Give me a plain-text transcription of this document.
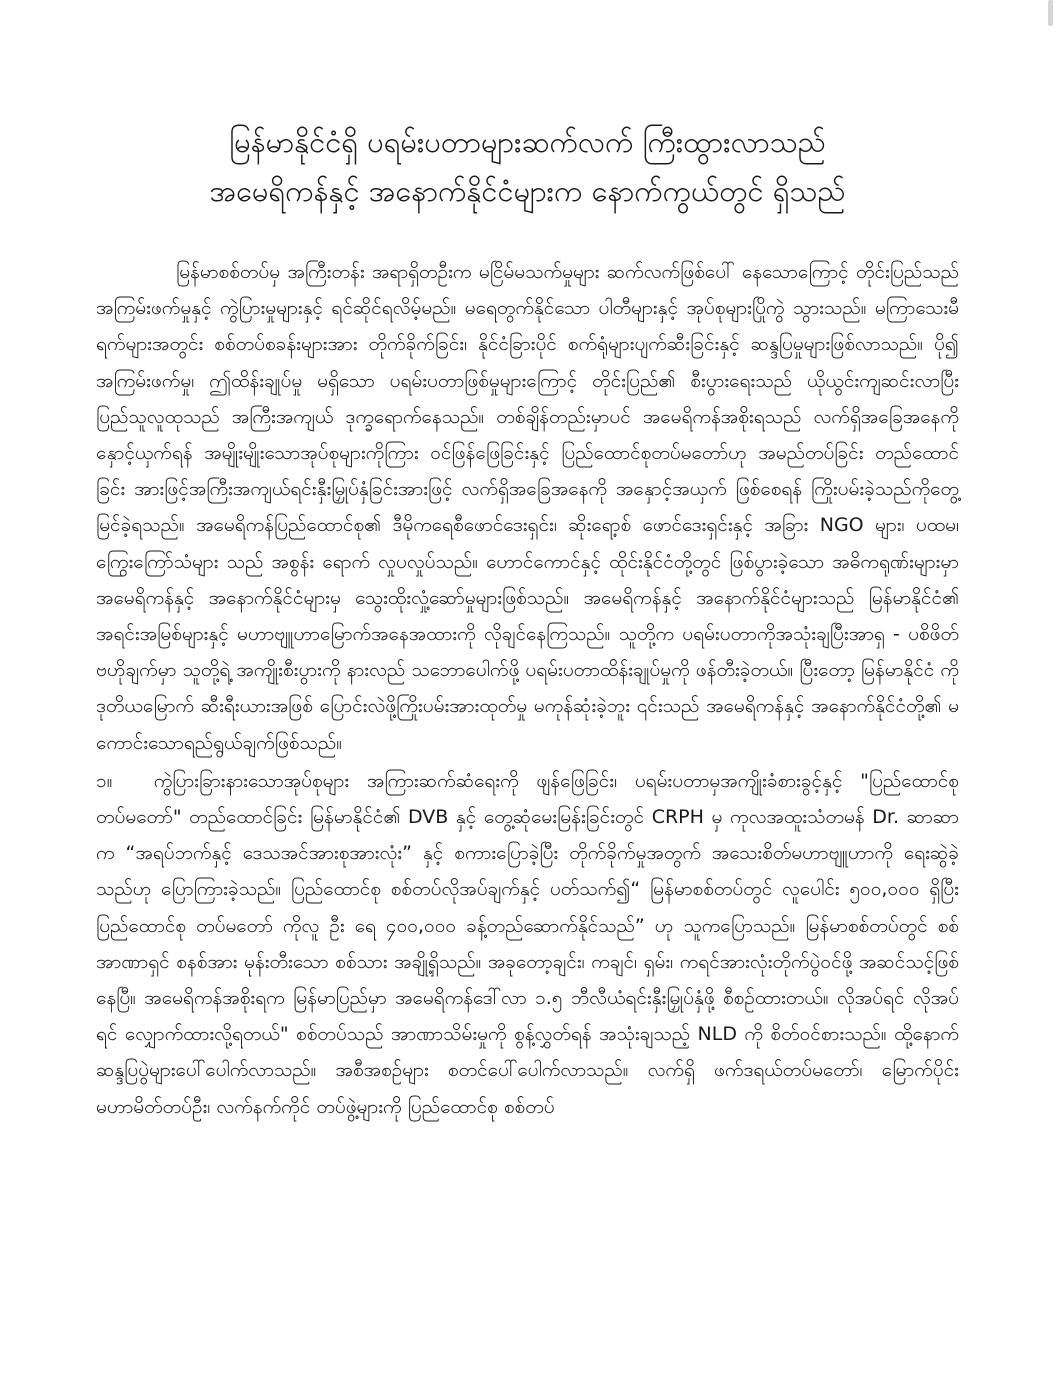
မြန်မာနိုင်ငံရှိ ပရမ်းပတာများဆက်လက် ကြီးထွားလာသည်
အမေရိကန်နှင့် အနောက်နိုင်ငံများက နောက်ကွယ်တွင် ရှိသည်

မြန်မာစစ်တပ်မှ အကြီးတန်း အရာရှိတဦးက မငြိမ်မသက်မှုများ ဆက်လက်ဖြစ်ပေါ် နေသောကြောင့် တိုင်းပြည်သည် အကြမ်းဖက်မှုနှင့် ကွဲပြားမှုများနှင့် ရင်ဆိုင်ရလိမ့်မည်။ မရေတွက်နိုင်သော ပါတီများနှင့် အုပ်စုများပြိုကွဲ သွားသည်။ မကြာသေးမီ ရက်များအတွင်း စစ်တပ်စခန်းများအား တိုက်ခိုက်ခြင်း၊ နိုင်ငံခြားပိုင် စက်ရုံများပျက်ဆီးခြင်းနှင့် ဆန္ဒပြမှုများဖြစ်လာသည်။ ပို၍ အကြမ်းဖက်မှု၊ ဤထိန်းချုပ်မှု မရှိသော ပရမ်းပတာဖြစ်မှုများကြောင့် တိုင်းပြည်၏ စီးပွားရေးသည် ယိုယွင်းကျဆင်းလာပြီး ပြည်သူလူထုသည် အကြီးအကျယ် ဒုက္ခရောက်နေသည်။ တစ်ချိန်တည်းမှာပင် အမေရိကန်အစိုးရသည် လက်ရှိအခြေအနေကို နှောင့်ယှက်ရန် အမျိုးမျိုးသောအုပ်စုများကိုကြား ဝင်ဖြန်ဖြေခြင်းနှင့် ပြည်ထောင်စုတပ်မတော်ဟု အမည်တပ်ခြင်း တည်ထောင် ခြင်း အားဖြင့်အကြီးအကျယ်ရင်းနှီးမြှုပ်နှံခြင်းအားဖြင့် လက်ရှိအခြေအနေကို အနှောင့်အယှက် ဖြစ်စေရန် ကြိုးပမ်းခဲ့သည်ကိုတွေ့မြင်ခဲ့ရသည်။ အမေရိကန်ပြည်ထောင်စု၏ ဒီမိုကရေစီဖောင်ဒေးရှင်း၊ ဆိုးရော့စ် ဖောင်ဒေးရှင်းနှင့် အခြား NGO များ၊ ပထမ၊ ကြွေးကြော်သံများ သည် အစွန်း ရောက် လှုပလှုပ်သည်။ ဟောင်ကောင်နှင့် ထိုင်းနိုင်ငံတို့တွင် ဖြစ်ပွားခဲ့သော အဓိကရုဏ်းများမှာ အမေရိကန်နှင့် အနောက်နိုင်ငံများမှ သွေးထိုးလှုံ့ဆော်မှုများဖြစ်သည်။ အမေရိကန်နှင့် အနောက်နိုင်ငံများသည် မြန်မာနိုင်ငံ၏ အရင်းအမြစ်များနှင့် မဟာဗျူဟာမြောက်အနေအထားကို လိုချင်နေကြသည်။ သူတို့က ပရမ်းပတာကိုအသုံးချပြီးအာရှ - ပစိဖိတ် ဗဟိုချက်မှာ သူတို့ရဲ့ အကျိုးစီးပွားကို နားလည် သဘောပေါက်ဖို့ ပရမ်းပတာထိန်းချုပ်မှုကို ဖန်တီးခဲ့တယ်။ ပြီးတော့ မြန်မာနိုင်ငံ ကို ဒုတိယမြောက် ဆီးရီးယားအဖြစ် ပြောင်းလဲဖို့ကြိုးပမ်းအားထုတ်မှု မကုန်ဆုံးခဲ့ဘူး ၎င်းသည် အမေရိကန်နှင့် အနောက်နိုင်ငံတို့၏ မကောင်းသောရည်ရွယ်ချက်ဖြစ်သည်။

၁။ ကွဲပြားခြားနားသောအုပ်စုများ အကြားဆက်ဆံရေးကို ဖျန်ဖြေခြင်း၊ ပရမ်းပတာမှအကျိုးခံစားခွင့်နှင့် "ပြည်ထောင်စုတပ်မတော်" တည်ထောင်ခြင်း မြန်မာနိုင်ငံ၏ DVB နှင့် တွေ့ဆုံမေးမြန်းခြင်းတွင် CRPH မှ ကုလအထူးသံတမန် Dr. ဆာဆာက “အရပ်ဘက်နှင့် ဒေသအင်အားစုအားလုံး” နှင့် စကားပြောခဲ့ပြီး တိုက်ခိုက်မှုအတွက် အသေးစိတ်မဟာဗျူဟာကို ရေးဆွဲခဲ့သည်ဟု ပြောကြားခဲ့သည်။ ပြည်ထောင်စု စစ်တပ်လိုအပ်ချက်နှင့် ပတ်သက်၍“ မြန်မာစစ်တပ်တွင် လူပေါင်း ၅၀၀,၀၀၀ ရှိပြီး ပြည်ထောင်စု တပ်မတော် ကိုလူ ဦး ရေ ၄၀၀,၀၀၀ ခန့်တည်ဆောက်နိုင်သည်” ဟု သူကပြောသည်။ မြန်မာစစ်တပ်တွင် စစ်အာဏာရှင် စနစ်အား မုန်းတီးသော စစ်သား အချို့ရှိသည်။ အခုတော့ချင်း၊ ကချင်၊ ရှမ်း၊ ကရင်အားလုံးတိုက်ပွဲဝင်ဖို့ အဆင်သင့်ဖြစ်နေပြီ။ အမေရိကန်အစိုးရက မြန်မာပြည်မှာ အမေရိကန်ဒေါ်လာ ၁.၅ ဘီလီယံရင်းနှီးမြှုပ်နှံဖို့ စီစဉ်ထားတယ်။ လိုအပ်ရင် လိုအပ်ရင် လျှောက်ထားလို့ရတယ်" စစ်တပ်သည် အာဏာသိမ်းမှုကို စွန့်လွှတ်ရန် အသုံးချသည့် NLD ကို စိတ်ဝင်စားသည်။ ထို့နောက် ဆန္ဒပြပွဲများပေါ်ပေါက်လာသည်။ အစီအစဉ်များ စတင်ပေါ်ပေါက်လာသည်။ လက်ရှိ ဖက်ဒရယ်တပ်မတော်၊ မြောက်ပိုင်းမဟာမိတ်တပ်ဦး၊ လက်နက်ကိုင် တပ်ဖွဲ့များကို ပြည်ထောင်စု စစ်တပ်
